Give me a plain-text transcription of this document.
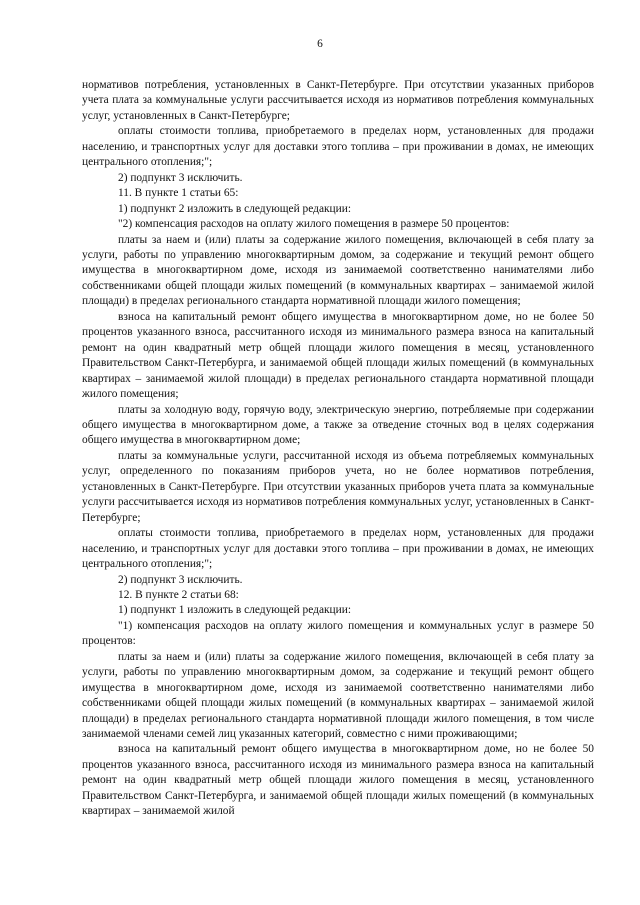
6

нормативов потребления, установленных в Санкт-Петербурге. При отсутствии указанных приборов учета плата за коммунальные услуги рассчитывается исходя из нормативов потребления коммунальных услуг, установленных в Санкт-Петербурге;

оплаты стоимости топлива, приобретаемого в пределах норм, установленных для продажи населению, и транспортных услуг для доставки этого топлива – при проживании в домах, не имеющих центрального отопления;";

2) подпункт 3 исключить.

11. В пункте 1 статьи 65:

1) подпункт 2 изложить в следующей редакции:

"2) компенсация расходов на оплату жилого помещения в размере 50 процентов:

платы за наем и (или) платы за содержание жилого помещения, включающей в себя плату за услуги, работы по управлению многоквартирным домом, за содержание и текущий ремонт общего имущества в многоквартирном доме, исходя из занимаемой соответственно нанимателями либо собственниками общей площади жилых помещений (в коммунальных квартирах – занимаемой жилой площади) в пределах регионального стандарта нормативной площади жилого помещения;

взноса на капитальный ремонт общего имущества в многоквартирном доме, но не более 50 процентов указанного взноса, рассчитанного исходя из минимального размера взноса на капитальный ремонт на один квадратный метр общей площади жилого помещения в месяц, установленного Правительством Санкт-Петербурга, и занимаемой общей площади жилых помещений (в коммунальных квартирах – занимаемой жилой площади) в пределах регионального стандарта нормативной площади жилого помещения;

платы за холодную воду, горячую воду, электрическую энергию, потребляемые при содержании общего имущества в многоквартирном доме, а также за отведение сточных вод в целях содержания общего имущества в многоквартирном доме;

платы за коммунальные услуги, рассчитанной исходя из объема потребляемых коммунальных услуг, определенного по показаниям приборов учета, но не более нормативов потребления, установленных в Санкт-Петербурге. При отсутствии указанных приборов учета плата за коммунальные услуги рассчитывается исходя из нормативов потребления коммунальных услуг, установленных в Санкт-Петербурге;

оплаты стоимости топлива, приобретаемого в пределах норм, установленных для продажи населению, и транспортных услуг для доставки этого топлива – при проживании в домах, не имеющих центрального отопления;";

2) подпункт 3 исключить.

12. В пункте 2 статьи 68:

1) подпункт 1 изложить в следующей редакции:

"1) компенсация расходов на оплату жилого помещения и коммунальных услуг в размере 50 процентов:

платы за наем и (или) платы за содержание жилого помещения, включающей в себя плату за услуги, работы по управлению многоквартирным домом, за содержание и текущий ремонт общего имущества в многоквартирном доме, исходя из занимаемой соответственно нанимателями либо собственниками общей площади жилых помещений (в коммунальных квартирах – занимаемой жилой площади) в пределах регионального стандарта нормативной площади жилого помещения, в том числе занимаемой членами семей лиц указанных категорий, совместно с ними проживающими;

взноса на капитальный ремонт общего имущества в многоквартирном доме, но не более 50 процентов указанного взноса, рассчитанного исходя из минимального размера взноса на капитальный ремонт на один квадратный метр общей площади жилого помещения в месяц, установленного Правительством Санкт-Петербурга, и занимаемой общей площади жилых помещений (в коммунальных квартирах – занимаемой жилой
